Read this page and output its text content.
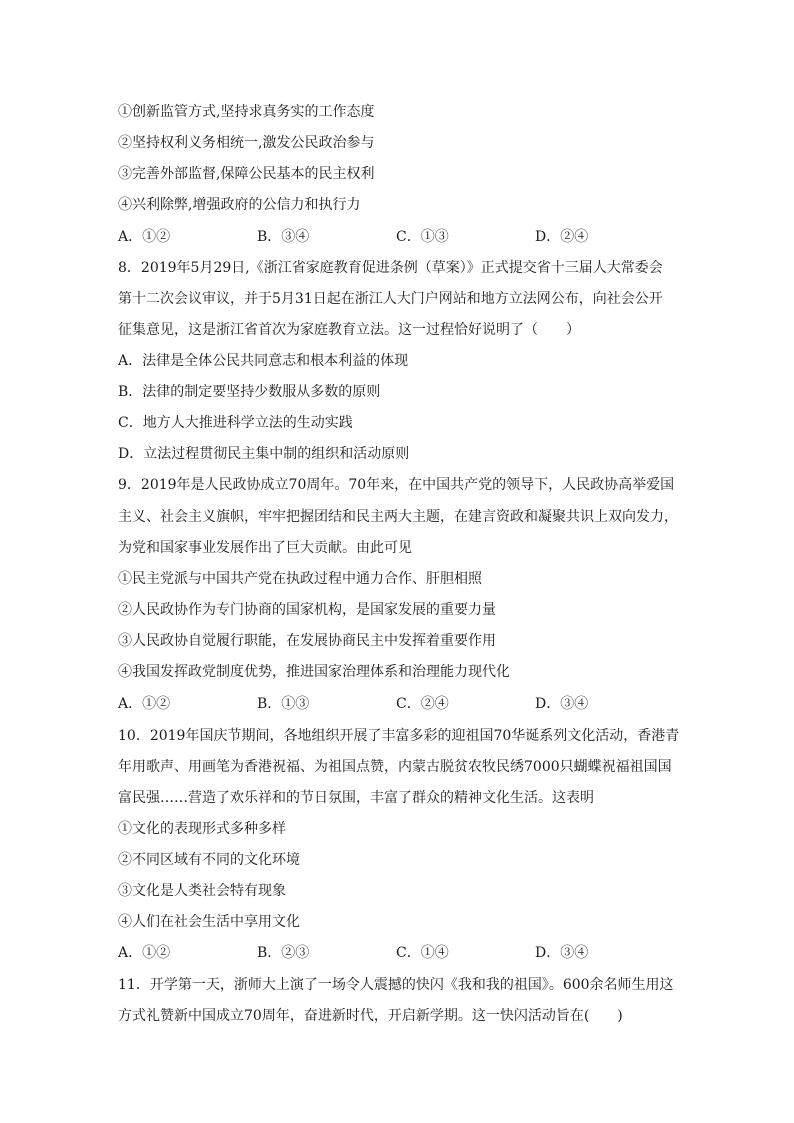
①创新监管方式,坚持求真务实的工作态度
②坚持权利义务相统一,激发公民政治参与
③完善外部监督,保障公民基本的民主权利
④兴利除弊,增强政府的公信力和执行力
A．①②	B．③④	C．①③	D．②④
8．2019年5月29日,《浙江省家庭教育促进条例（草案）》正式提交省十三届人大常委会
第十二次会议审议，并于5月31日起在浙江人大门户网站和地方立法网公布，向社会公开
征集意见，这是浙江省首次为家庭教育立法。这一过程恰好说明了（　　）
A．法律是全体公民共同意志和根本利益的体现
B．法律的制定要坚持少数服从多数的原则
C．地方人大推进科学立法的生动实践
D．立法过程贯彻民主集中制的组织和活动原则
9．2019年是人民政协成立70周年。70年来，在中国共产党的领导下，人民政协高举爱国
主义、社会主义旗帜，牢牢把握团结和民主两大主题，在建言资政和凝聚共识上双向发力，
为党和国家事业发展作出了巨大贡献。由此可见
①民主党派与中国共产党在执政过程中通力合作、肝胆相照
②人民政协作为专门协商的国家机构，是国家发展的重要力量
③人民政协自觉履行职能，在发展协商民主中发挥着重要作用
④我国发挥政党制度优势，推进国家治理体系和治理能力现代化
A．①②	B．①③	C．②④	D．③④
10．2019年国庆节期间，各地组织开展了丰富多彩的迎祖国70华诞系列文化活动，香港青
年用歌声、用画笔为香港祝福、为祖国点赞，内蒙古脱贫农牧民绣7000只蝴蝶祝福祖国国
富民强……营造了欢乐祥和的节日氛围，丰富了群众的精神文化生活。这表明
①文化的表现形式多种多样
②不同区域有不同的文化环境
③文化是人类社会特有现象
④人们在社会生活中享用文化
A．①②	B．②③	C．①④	D．③④
11．开学第一天，浙师大上演了一场令人震撼的快闪《我和我的祖国》。600余名师生用这
方式礼赞新中国成立70周年，奋进新时代，开启新学期。这一快闪活动旨在(　　)
